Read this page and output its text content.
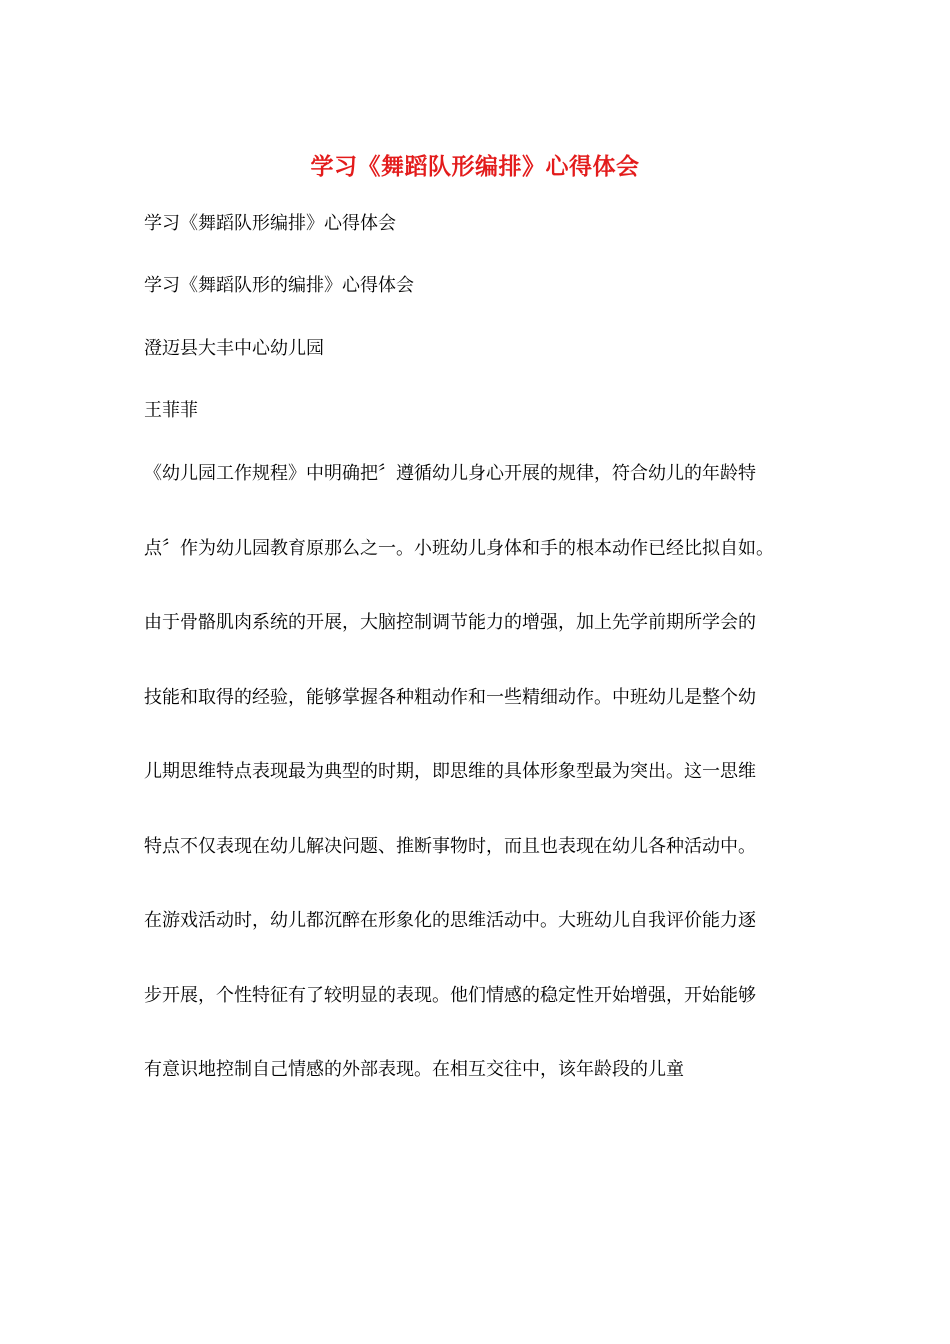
学习《舞蹈队形编排》心得体会
学习《舞蹈队形编排》心得体会
学习《舞蹈队形的编排》心得体会
澄迈县大丰中心幼儿园
王菲菲
《幼儿园工作规程》中明确把〞遵循幼儿身心开展的规律，符合幼儿的年龄特
点〞作为幼儿园教育原那么之一。小班幼儿身体和手的根本动作已经比拟自如。
由于骨骼肌肉系统的开展，大脑控制调节能力的增强，加上先学前期所学会的
技能和取得的经验，能够掌握各种粗动作和一些精细动作。中班幼儿是整个幼
儿期思维特点表现最为典型的时期，即思维的具体形象型最为突出。这一思维
特点不仅表现在幼儿解决问题、推断事物时，而且也表现在幼儿各种活动中。
在游戏活动时，幼儿都沉醉在形象化的思维活动中。大班幼儿自我评价能力逐
步开展，个性特征有了较明显的表现。他们情感的稳定性开始增强，开始能够
有意识地控制自己情感的外部表现。在相互交往中，该年龄段的儿童
